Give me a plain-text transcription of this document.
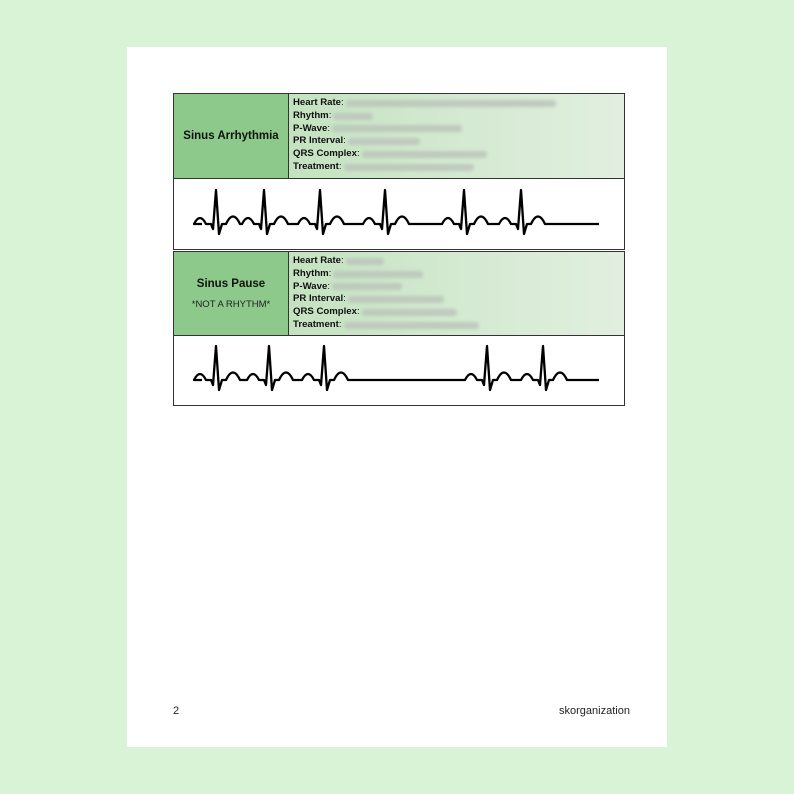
Sinus Arrhythmia
Heart Rate :
Rhythm :
P-Wave :
PR Interval :
QRS Complex :
Treatment :
Sinus Pause
*NOT A RHYTHM*
Heart Rate :
Rhythm :
P-Wave :
PR Interval :
QRS Complex :
Treatment :
2	skorganization
